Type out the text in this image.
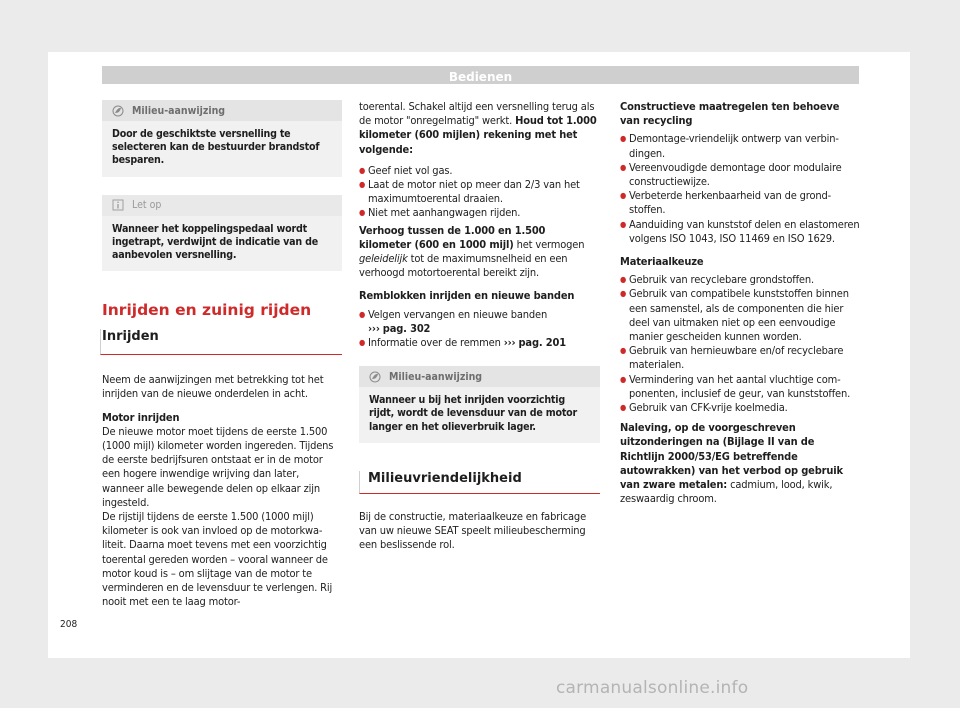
Bedienen
Milieu-aanwijzing

Door de geschiktste versnelling te selecteren kan de bestuurder brandstof besparen.

Let op

Wanneer het koppelingspedaal wordt ingetrapt, verdwijnt de indicatie van de aanbevolen versnelling.

Inrijden en zuinig rijden
Inrijden

Neem de aanwijzingen met betrekking tot het inrijden van de nieuwe onderdelen in acht.

Motor inrijden

De nieuwe motor moet tijdens de eerste 1.500 (1000 mijl) kilometer worden ingereden. Tijdens de eerste bedrijfsuren ontstaat er in de motor een hogere inwendige wrijving dan later, wanneer alle bewegende delen op elkaar zijn ingesteld.

De rijstijl tijdens de eerste 1.500 (1000 mijl) kilometer is ook van invloed op de motorkwaliteit. Daarna moet tevens met een voorzichtig toerental gereden worden – vooral wanneer de motor koud is – om slijtage van de motor te verminderen en de levensduur te verlengen. Rij nooit met een te laag motor-

toerental. Schakel altijd een versnelling terug als de motor "onregelmatig" werkt. Houd tot 1.000 kilometer (600 mijlen) rekening met het volgende:

● Geef niet vol gas.
● Laat de motor niet op meer dan 2/3 van het maximumtoerental draaien.
● Niet met aanhangwagen rijden.

Verhoog tussen de 1.000 en 1.500 kilometer (600 en 1000 mijl) het vermogen geleidelijk tot de maximumsnelheid en een verhoogd motortoerental bereikt zijn.

Remblokken inrijden en nieuwe banden

● Velgen vervangen en nieuwe banden
››› pag. 302
● Informatie over de remmen ››› pag. 201
Milieu-aanwijzing

Wanneer u bij het inrijden voorzichtig rijdt, wordt de levensduur van de motor langer en het olieverbruik lager.

Milieuvriendelijkheid

Bij de constructie, materiaalkeuze en fabricage van uw nieuwe SEAT speelt milieubescherming een beslissende rol.

Constructieve maatregelen ten behoeve van recycling

● Demontage-vriendelijk ontwerp van verbindingen.
● Vereenvoudigde demontage door modulaire constructiewijze.
● Verbeterde herkenbaarheid van de grondstoffen.
● Aanduiding van kunststof delen en elastomeren volgens ISO 1043, ISO 11469 en ISO 1629.

Materiaalkeuze

● Gebruik van recyclebare grondstoffen.
● Gebruik van compatibele kunststoffen binnen een samenstel, als de componenten die hier deel van uitmaken niet op een eenvoudige manier gescheiden kunnen worden.
● Gebruik van hernieuwbare en/of recyclebare materialen.
● Vermindering van het aantal vluchtige componenten, inclusief de geur, van kunststoffen.
● Gebruik van CFK-vrije koelmedia.

Naleving, op de voorgeschreven uitzonderingen na (Bijlage II van de Richtlijn 2000/53/EG betreffende autowrakken) van het verbod op gebruik van zware metalen: cadmium, lood, kwik, zeswaardig chroom.

208
carmanualsonline.info
